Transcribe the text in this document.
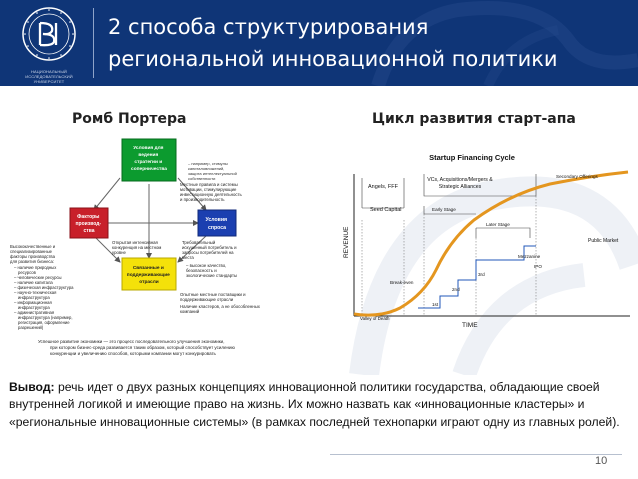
НАЦИОНАЛЬНЫЙ ИССЛЕДОВАТЕЛЬСКИЙ УНИВЕРСИТЕТ
2 способа структурирования
региональной инновационной политики
Ромб Портера	Цикл развития старт-апа
Условия для ведения стратегии и соперничества
Факторы производ- ства
Условия спроса
Связанные и поддерживающие отрасли
Местные правила и системы мотивации, стимулирующие инвестиционную деятельность и производительность
– например, стимулы капиталовложений, защита интеллектуальной собственности
Открытая интенсивная конкуренция на местном уровне
Требовательный искушенный потребитель и запросы потребителей на места – высокое качество, безопасность и экологические стандарты
Опытные местные поставщики и поддерживающие отрасли Наличие кластеров, а не обособленных компаний
Высококачественные и специализированные факторы производства для развития бизнеса: – наличие природных ресурсов – человеческие ресурсы – наличие капитала – физическая инфраструктура – научно-техническая инфраструктура – информационная инфраструктура – административная инфраструктура (например, регистрация, оформление разрешений)
Успешное развитие экономики — это процесс последовательного улучшения экономики, при котором бизнес-среда развивается таким образом, который способствует усилению конкуренции и увеличению способов, которыми компании могут конкурировать
Startup Financing Cycle
REVENUE
TIME
Angels, FFF
Seed Capital
VCs, Acquisitions/Mergers &
Strategic Alliances
Early Stage
Later Stage
Secondary Offerings
Public Market
Mezzanine
IPO
3rd
2nd
1st
Break-even
Valley of Death
Вывод: речь идет о двух разных концепциях инновационной политики государства, обладающие своей внутренней логикой и имеющие право на жизнь. Их можно назвать как «инновационные кластеры» и «региональные инновационные системы» (в рамках последней технопарки играют одну из главных ролей).
10
